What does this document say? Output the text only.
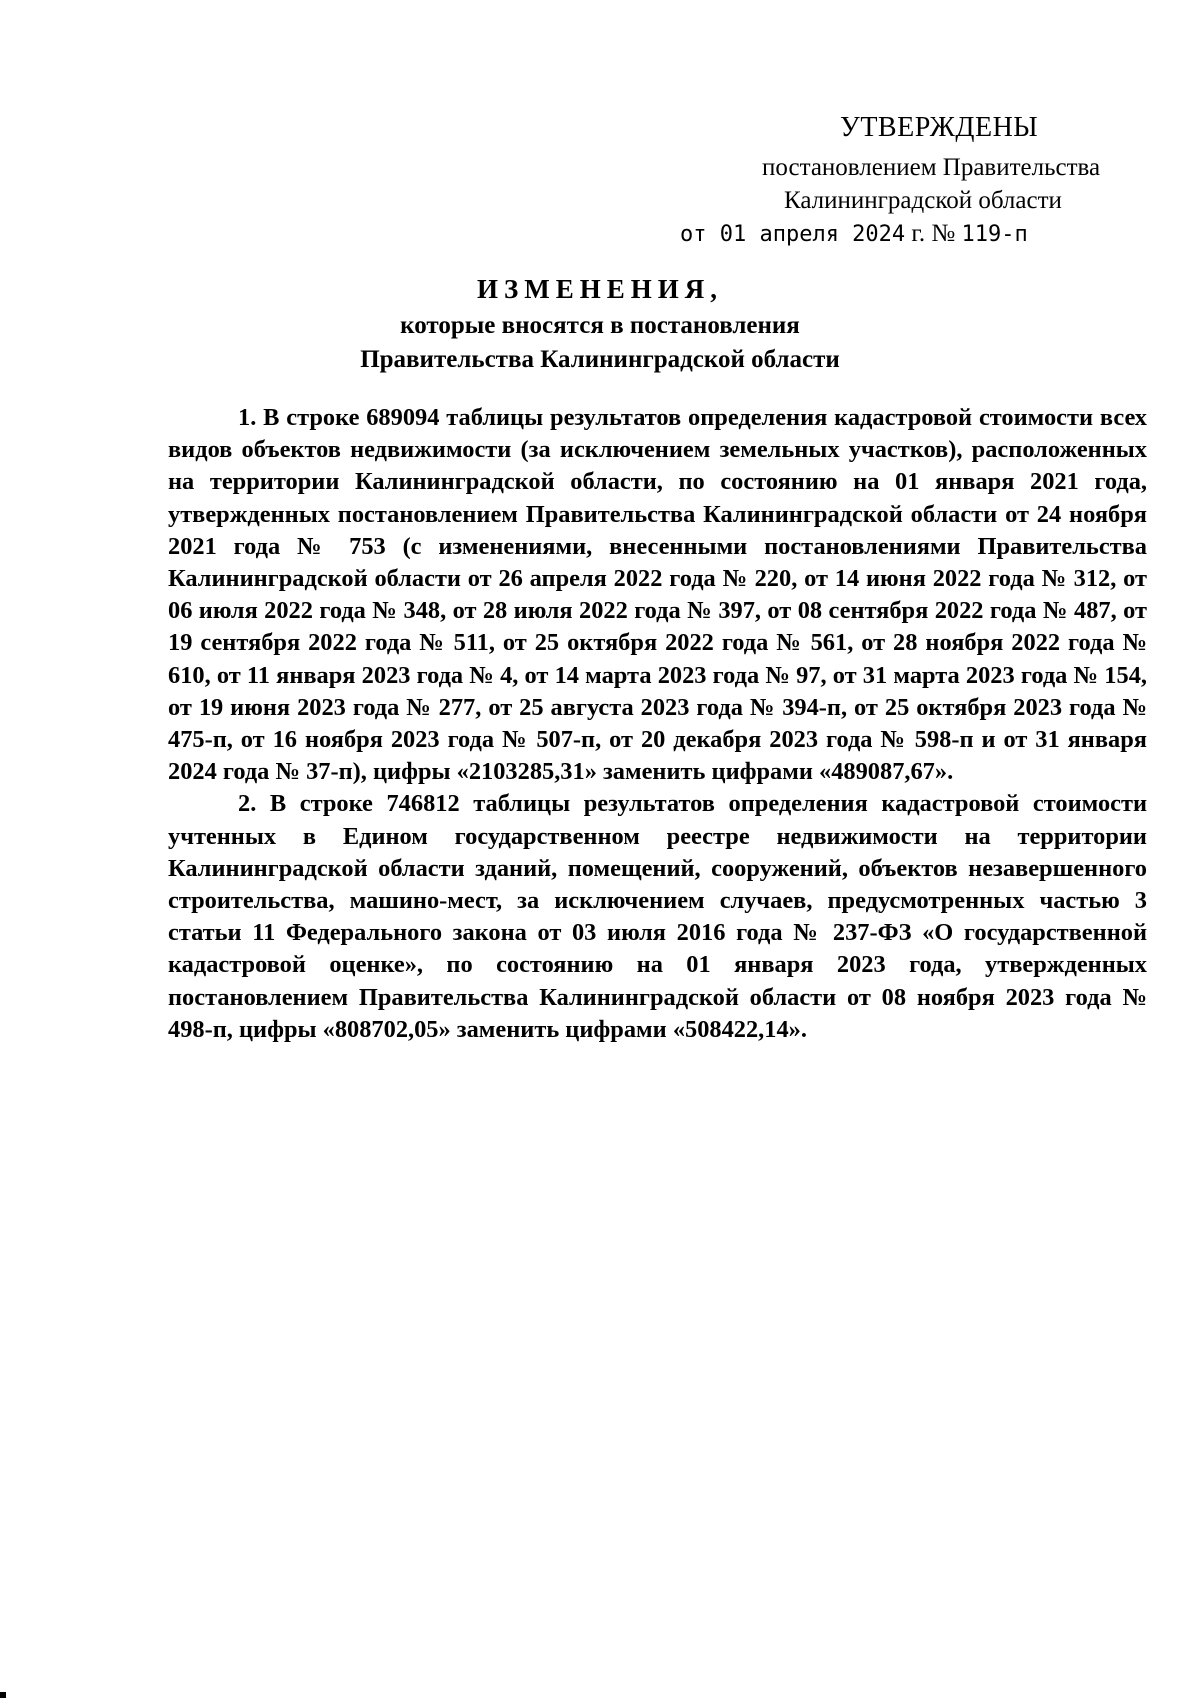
УТВЕРЖДЕНЫ
постановлением Правительства
Калининградской области
от 01 апреля 2024 г. № 119-п
ИЗМЕНЕНИЯ,
которые вносятся в постановления
Правительства Калининградской области

1. В строке 689094 таблицы результатов определения кадастровой стоимости всех видов объектов недвижимости (за исключением земельных участков), расположенных на территории Калининградской области, по состоянию на 01 января 2021 года, утвержденных постановлением Правительства Калининградской области от 24 ноября 2021 года № 753 (с изменениями, внесенными постановлениями Правительства Калининградской области от 26 апреля 2022 года № 220, от 14 июня 2022 года № 312, от 06 июля 2022 года № 348, от 28 июля 2022 года № 397, от 08 сентября 2022 года № 487, от 19 сентября 2022 года № 511, от 25 октября 2022 года № 561, от 28 ноября 2022 года № 610, от 11 января 2023 года № 4, от 14 марта 2023 года № 97, от 31 марта 2023 года № 154, от 19 июня 2023 года № 277, от 25 августа 2023 года № 394-п, от 25 октября 2023 года № 475-п, от 16 ноября 2023 года № 507-п, от 20 декабря 2023 года № 598-п и от 31 января 2024 года № 37-п), цифры «2103285,31» заменить цифрами «489087,67».

2. В строке 746812 таблицы результатов определения кадастровой стоимости учтенных в Едином государственном реестре недвижимости на территории Калининградской области зданий, помещений, сооружений, объектов незавершенного строительства, машино-мест, за исключением случаев, предусмотренных частью 3 статьи 11 Федерального закона от 03 июля 2016 года № 237-ФЗ «О государственной кадастровой оценке», по состоянию на 01 января 2023 года, утвержденных постановлением Правительства Калининградской области от 08 ноября 2023 года № 498-п, цифры «808702,05» заменить цифрами «508422,14».
